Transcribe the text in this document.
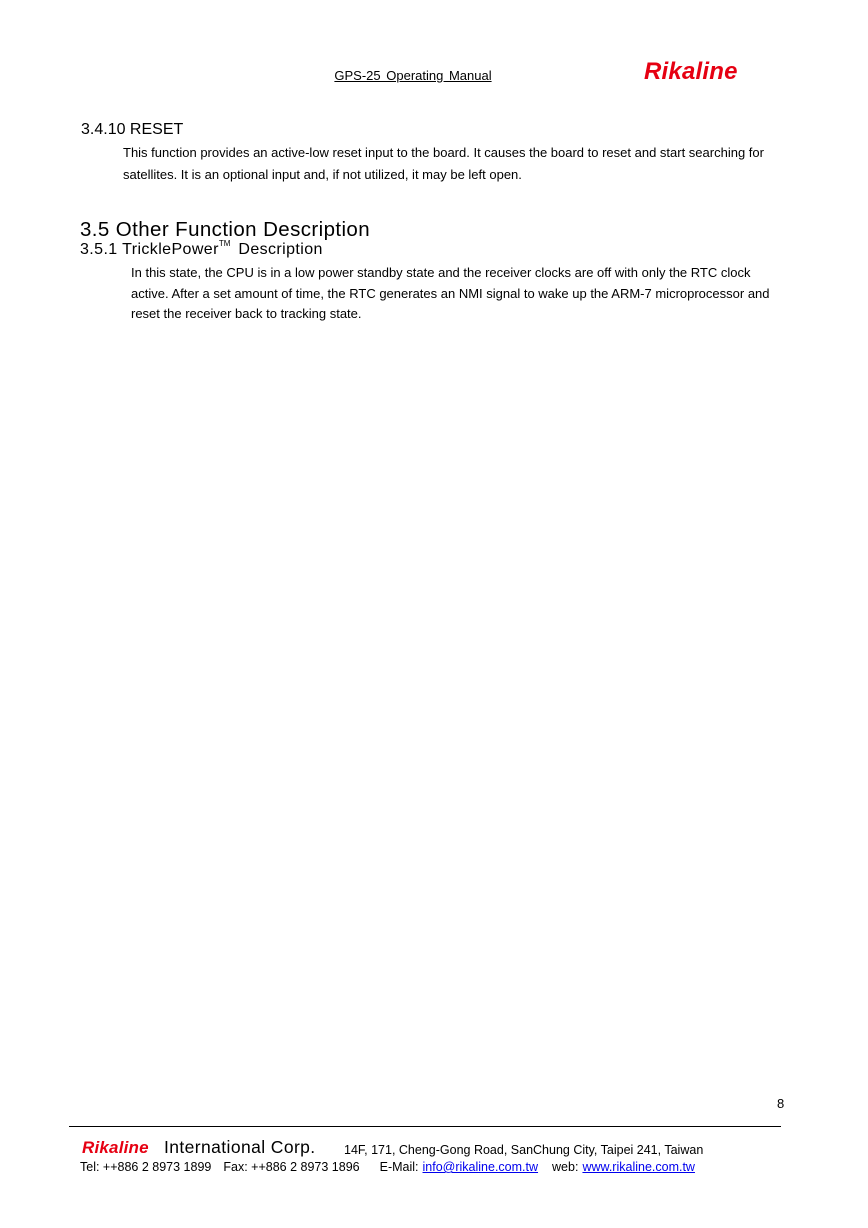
GPS-25 Operating Manual	Rikaline
3.4.10 RESET
This function provides an active-low reset input to the board. It causes the board to reset and start searching for satellites. It is an optional input and, if not utilized, it may be left open.
3.5 Other Function Description
3.5.1 TricklePower™ Description
In this state, the CPU is in a low power standby state and the receiver clocks are off with only the RTC clock active. After a set amount of time, the RTC generates an NMI signal to wake up the ARM-7 microprocessor and reset the receiver back to tracking state.
8
Rikaline International Corp. 14F, 171, Cheng-Gong Road, SanChung City, Taipei 241, Taiwan
Tel: ++886 2 8973 1899 Fax: ++886 2 8973 1896 E-Mail: info@rikaline.com.tw web: www.rikaline.com.tw
